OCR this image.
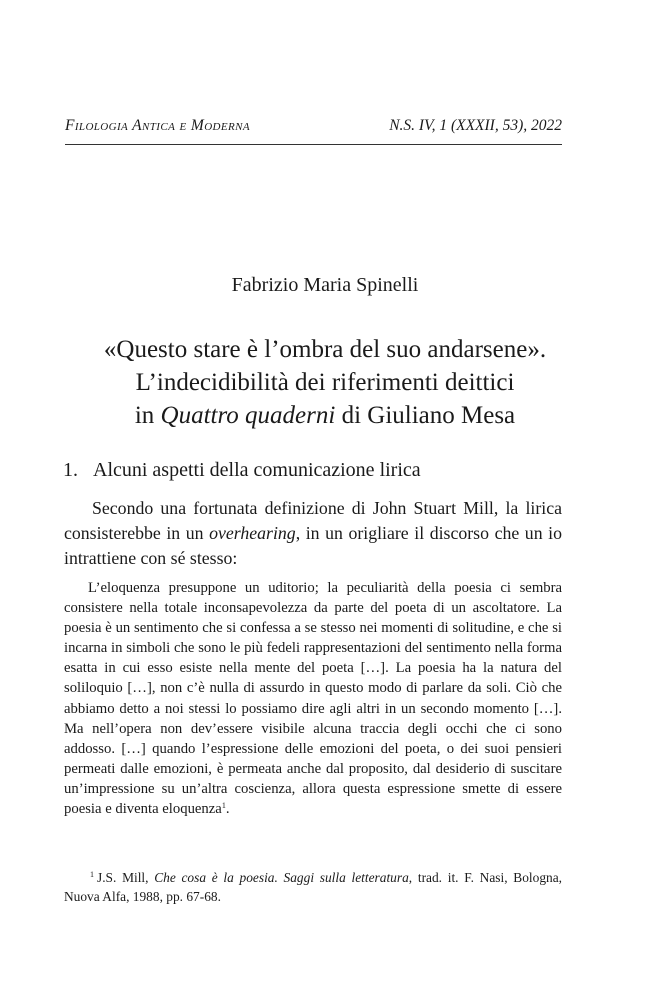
Filologia Antica e Moderna	N.S. IV, 1 (XXXII, 53), 2022
Fabrizio Maria Spinelli
«Questo stare è l’ombra del suo andarsene».
L’indecidibilità dei riferimenti deittici
in Quattro quaderni di Giuliano Mesa
1. Alcuni aspetti della comunicazione lirica

Secondo una fortunata definizione di John Stuart Mill, la lirica consisterebbe in un overhearing, in un origliare il discorso che un io intrattiene con sé stesso:

L’eloquenza presuppone un uditorio; la peculiarità della poesia ci sembra consistere nella totale inconsapevolezza da parte del poeta di un ascoltatore. La poesia è un sentimento che si confessa a se stesso nei momenti di solitudine, e che si incarna in simboli che sono le più fedeli rappresentazioni del sentimento nella forma esatta in cui esso esiste nella mente del poeta […]. La poesia ha la natura del soliloquio […], non c’è nulla di assurdo in questo modo di parlare da soli. Ciò che abbiamo detto a noi stessi lo possiamo dire agli altri in un secondo momento […]. Ma nell’opera non dev’essere visibile alcuna traccia degli occhi che ci sono addosso. […] quando l’espressione delle emozioni del poeta, o dei suoi pensieri permeati dalle emozioni, è permeata anche dal proposito, dal desiderio di suscitare un’impressione su un’altra coscienza, allora questa espressione smette di essere poesia e diventa eloquenza$^1$.

$^1$ J.S. Mill, Che cosa è la poesia. Saggi sulla letteratura, trad. it. F. Nasi, Bologna, Nuova Alfa, 1988, pp. 67-68.
